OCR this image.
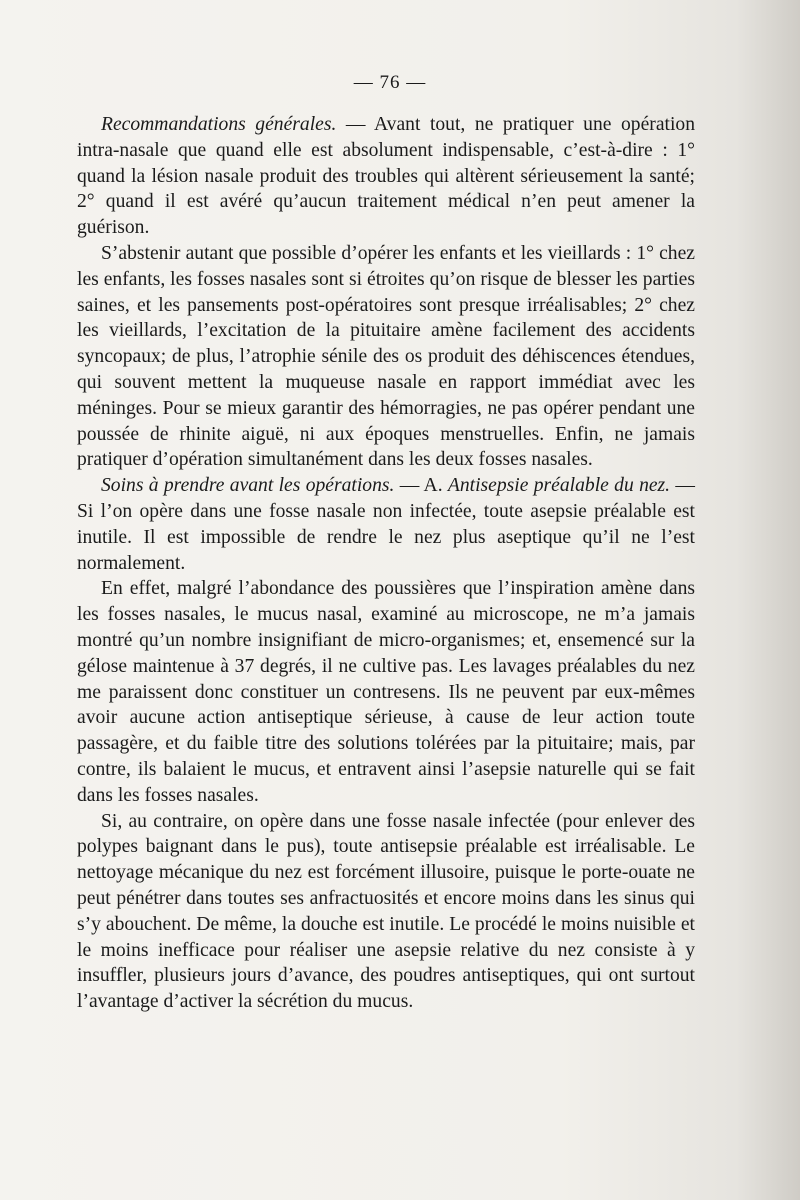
— 76 —

Recommandations générales. — Avant tout, ne pratiquer une opération intra-nasale que quand elle est absolument indispensable, c’est-à-dire : 1° quand la lésion nasale produit des troubles qui altèrent sérieusement la santé; 2° quand il est avéré qu’aucun traitement médical n’en peut amener la guérison.

S’abstenir autant que possible d’opérer les enfants et les vieillards : 1° chez les enfants, les fosses nasales sont si étroites qu’on risque de blesser les parties saines, et les pansements post-opératoires sont presque irréalisables; 2° chez les vieillards, l’excitation de la pituitaire amène facilement des accidents syncopaux; de plus, l’atrophie sénile des os produit des déhiscences étendues, qui souvent mettent la muqueuse nasale en rapport immédiat avec les méninges. Pour se mieux garantir des hémorragies, ne pas opérer pendant une poussée de rhinite aiguë, ni aux époques menstruelles. Enfin, ne jamais pratiquer d’opération simultanément dans les deux fosses nasales.

Soins à prendre avant les opérations. — A. Antisepsie préalable du nez. — Si l’on opère dans une fosse nasale non infectée, toute asepsie préalable est inutile. Il est impossible de rendre le nez plus aseptique qu’il ne l’est normalement.

En effet, malgré l’abondance des poussières que l’inspiration amène dans les fosses nasales, le mucus nasal, examiné au microscope, ne m’a jamais montré qu’un nombre insignifiant de micro-organismes; et, ensemencé sur la gélose maintenue à 37 degrés, il ne cultive pas. Les lavages préalables du nez me paraissent donc constituer un contresens. Ils ne peuvent par eux-mêmes avoir aucune action antiseptique sérieuse, à cause de leur action toute passagère, et du faible titre des solutions tolérées par la pituitaire; mais, par contre, ils balaient le mucus, et entravent ainsi l’asepsie naturelle qui se fait dans les fosses nasales.

Si, au contraire, on opère dans une fosse nasale infectée (pour enlever des polypes baignant dans le pus), toute antisepsie préalable est irréalisable. Le nettoyage mécanique du nez est forcément illusoire, puisque le porte-ouate ne peut pénétrer dans toutes ses anfractuosités et encore moins dans les sinus qui s’y abouchent. De même, la douche est inutile. Le procédé le moins nuisible et le moins inefficace pour réaliser une asepsie relative du nez consiste à y insuffler, plusieurs jours d’avance, des poudres antiseptiques, qui ont surtout l’avantage d’activer la sécrétion du mucus.
